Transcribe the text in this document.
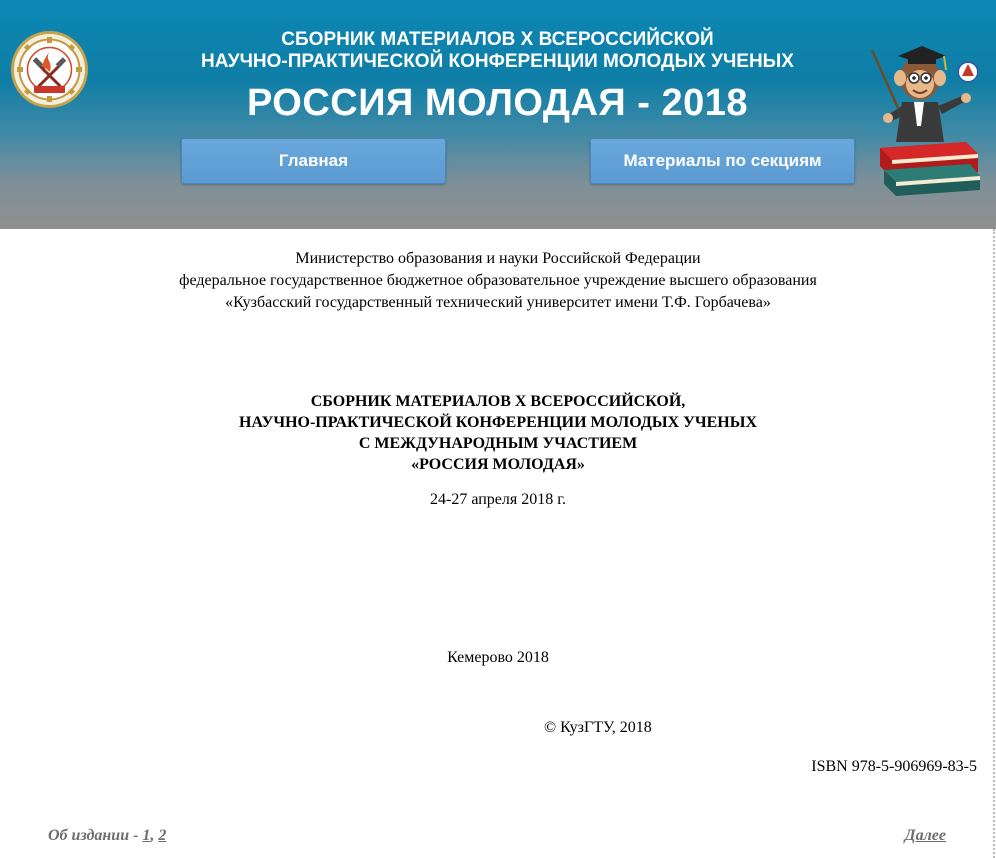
СБОРНИК МАТЕРИАЛОВ X ВСЕРОССИЙСКОЙ
НАУЧНО-ПРАКТИЧЕСКОЙ КОНФЕРЕНЦИИ МОЛОДЫХ УЧЕНЫХ
РОССИЯ МОЛОДАЯ - 2018
Главная	Материалы по секциям
Министерство образования и науки Российской Федерации
федеральное государственное бюджетное образовательное учреждение высшего образования
«Кузбасский государственный технический университет имени Т.Ф. Горбачева»
СБОРНИК МАТЕРИАЛОВ X ВСЕРОССИЙСКОЙ,
НАУЧНО-ПРАКТИЧЕСКОЙ КОНФЕРЕНЦИИ МОЛОДЫХ УЧЕНЫХ
С МЕЖДУНАРОДНЫМ УЧАСТИЕМ
«РОССИЯ МОЛОДАЯ»
24-27 апреля 2018 г.
Кемерово 2018
© КузГТУ, 2018
ISBN 978-5-906969-83-5
Об издании - 1, 2	Далее
